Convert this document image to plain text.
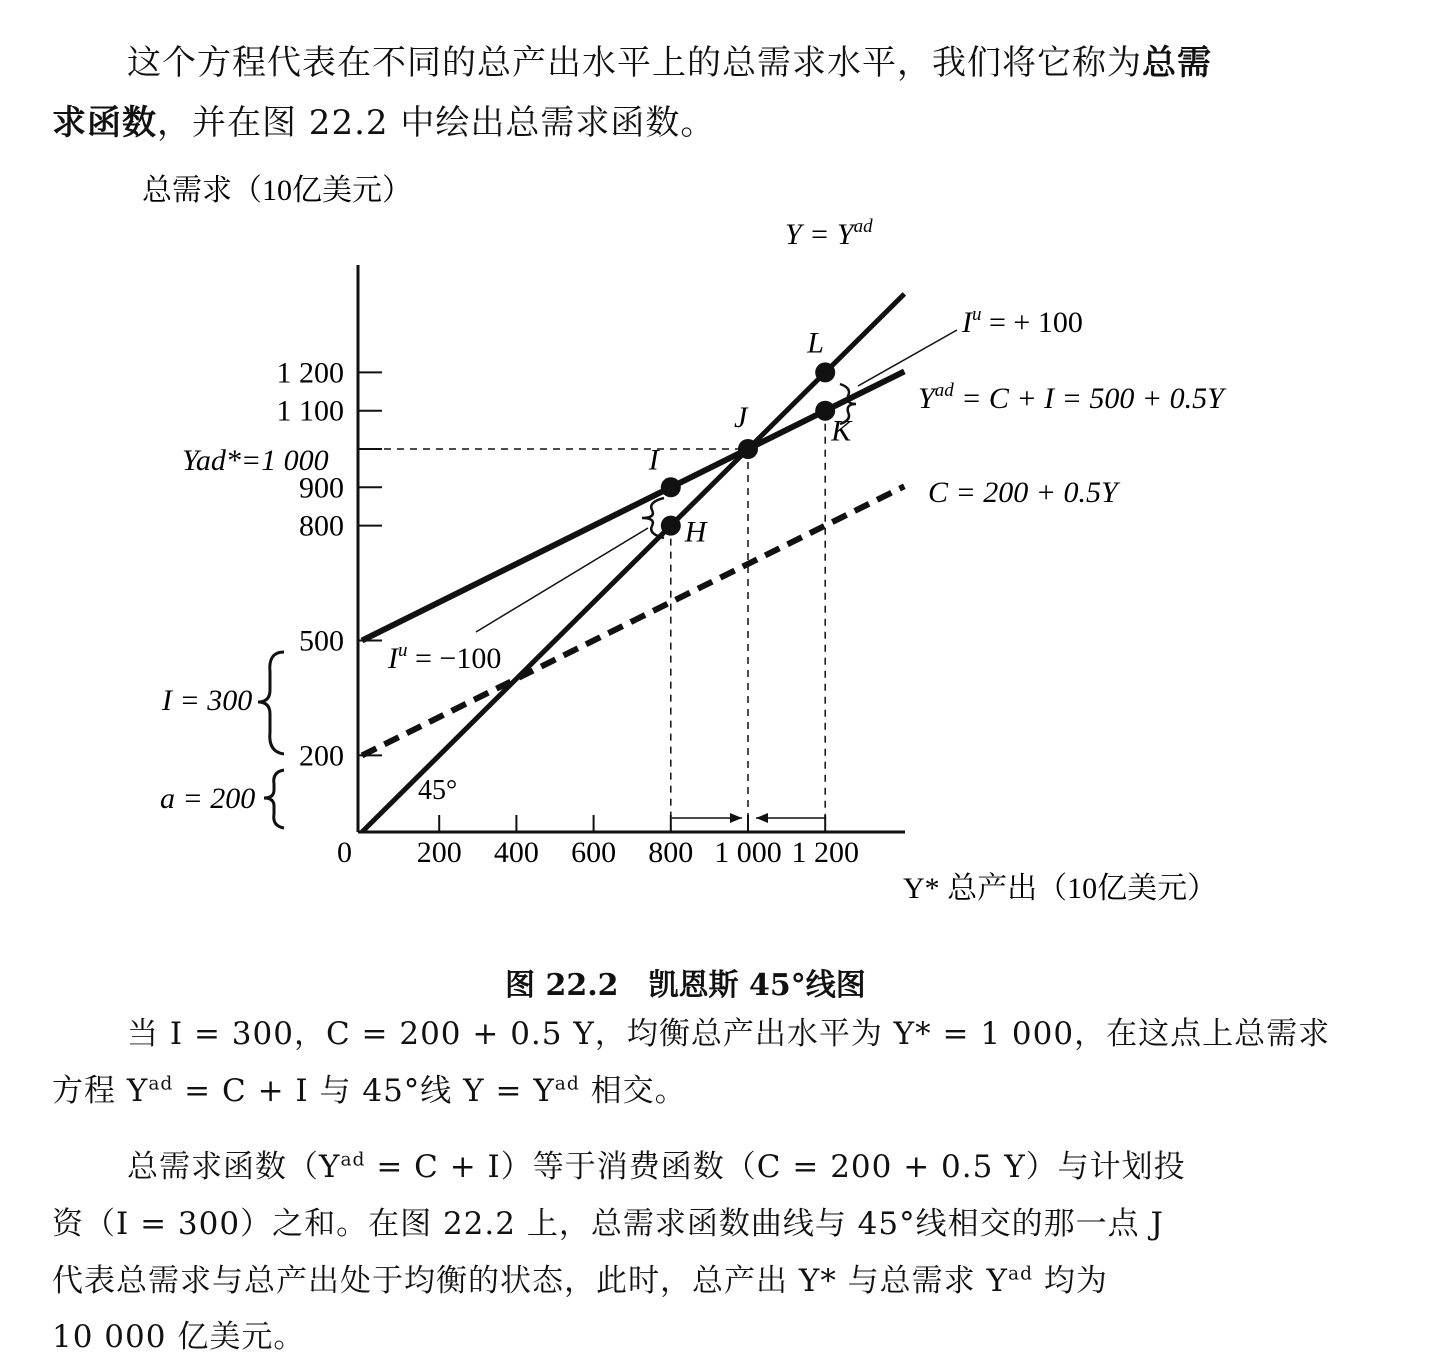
这个方程代表在不同的总产出水平上的总需求水平，我们将它称为总需
求函数，并在图 22.2 中绘出总需求函数。
总需求（10亿美元）
200 400 600 800 1 000 1 200
1 200
1 100
900
800
500
200
I
H
J
L
K
$Y = Y^{ad}$
$Y^{ad} = C + I = 500 + 0.5Y$
C = 200 + 0.5Y
$I^u$ = + 100
$I^u = -100$
I = 300
a = 200
Yad*=1 000
45°
0
Y* 总产出（10亿美元）
图 22.2　凯恩斯 45°线图
当 I = 300，C = 200 + 0.5 Y，均衡总产出水平为 Y* = 1 000，在这点上总需求
方程 $Y^{ad} = C + I$ 与 45°线 $Y = Y^{ad}$ 相交。
总需求函数$(Y^{ad} = C + I)$等于消费函数（C = 200 + 0.5 Y）与计划投
资（I = 300）之和。在图 22.2 上，总需求函数曲线与 45°线相交的那一点 J
代表总需求与总产出处于均衡的状态，此时，总产出 Y* 与总需求 $Y^{ad}$ 均为
10 000 亿美元。
